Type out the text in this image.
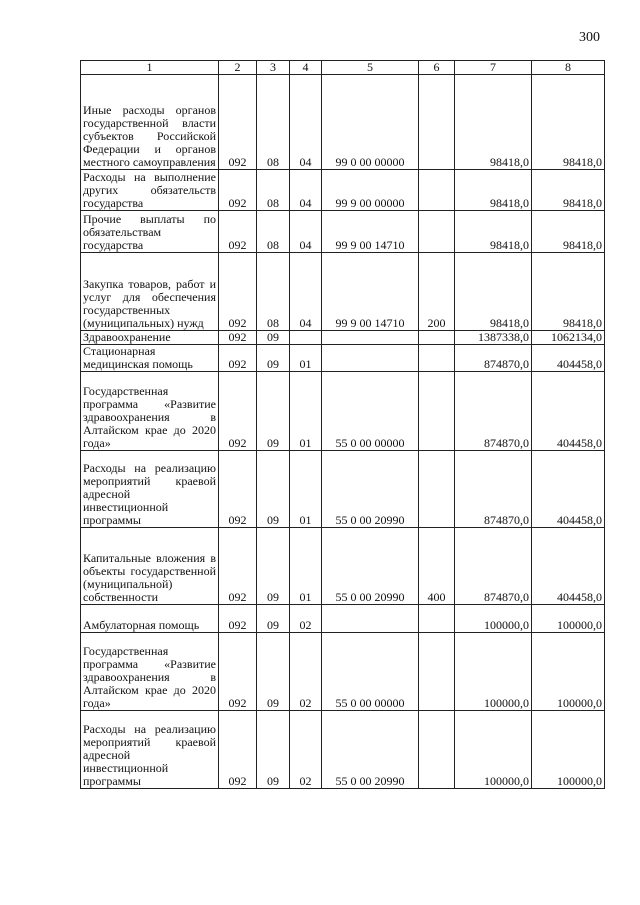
300
1	2	3	4	5	6	7	8
Иные расходы органов государственной власти субъектов Российской Федерации и органов местного самоуправления	092	08	04	99 0 00 00000		98418,0	98418,0
Расходы на выполнение других обязательств государства	092	08	04	99 9 00 00000		98418,0	98418,0
Прочие выплаты по обязательствам государства	092	08	04	99 9 00 14710		98418,0	98418,0
Закупка товаров, работ и услуг для обеспечения государственных (муниципальных) нужд	092	08	04	99 9 00 14710	200	98418,0	98418,0
Здравоохранение	092	09				1387338,0	1062134,0
Стационарная медицинская помощь	092	09	01			874870,0	404458,0
Государственная программа «Развитие здравоохранения в Алтайском крае до 2020 года»	092	09	01	55 0 00 00000		874870,0	404458,0
Расходы на реализацию мероприятий краевой адресной инвестиционной программы	092	09	01	55 0 00 20990		874870,0	404458,0
Капитальные вложения в объекты государственной (муниципальной) собственности	092	09	01	55 0 00 20990	400	874870,0	404458,0
Амбулаторная помощь	092	09	02			100000,0	100000,0
Государственная программа «Развитие здравоохранения в Алтайском крае до 2020 года»	092	09	02	55 0 00 00000		100000,0	100000,0
Расходы на реализацию мероприятий краевой адресной инвестиционной программы	092	09	02	55 0 00 20990		100000,0	100000,0
